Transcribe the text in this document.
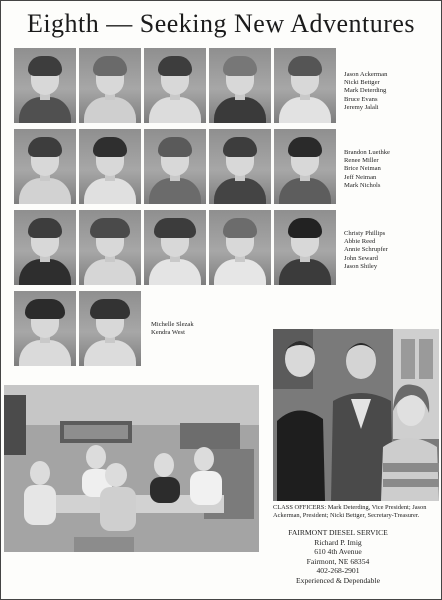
Eighth — Seeking New Adventures
Jason Ackerman
Nicki Bettger
Mark Deterding
Bruce Evans
Jeremy Jalali
Brandon Luethke
Renee Miller
Brice Neiman
Jeff Neiman
Mark Nichols
Christy Phillips
Abbie Reed
Annie Schrupfer
John Seward
Jason Shiley
Michelle Slezak
Kendra West
CLASS OFFICERS: Mark Deterding, Vice President; Jason Ackerman, President; Nicki Bettger, Secretary-Treasurer.
FAIRMONT DIESEL SERVICE
Richard P. Imig
610 4th Avenue
Fairmont, NE 68354
402-268-2901
Experienced & Dependable
